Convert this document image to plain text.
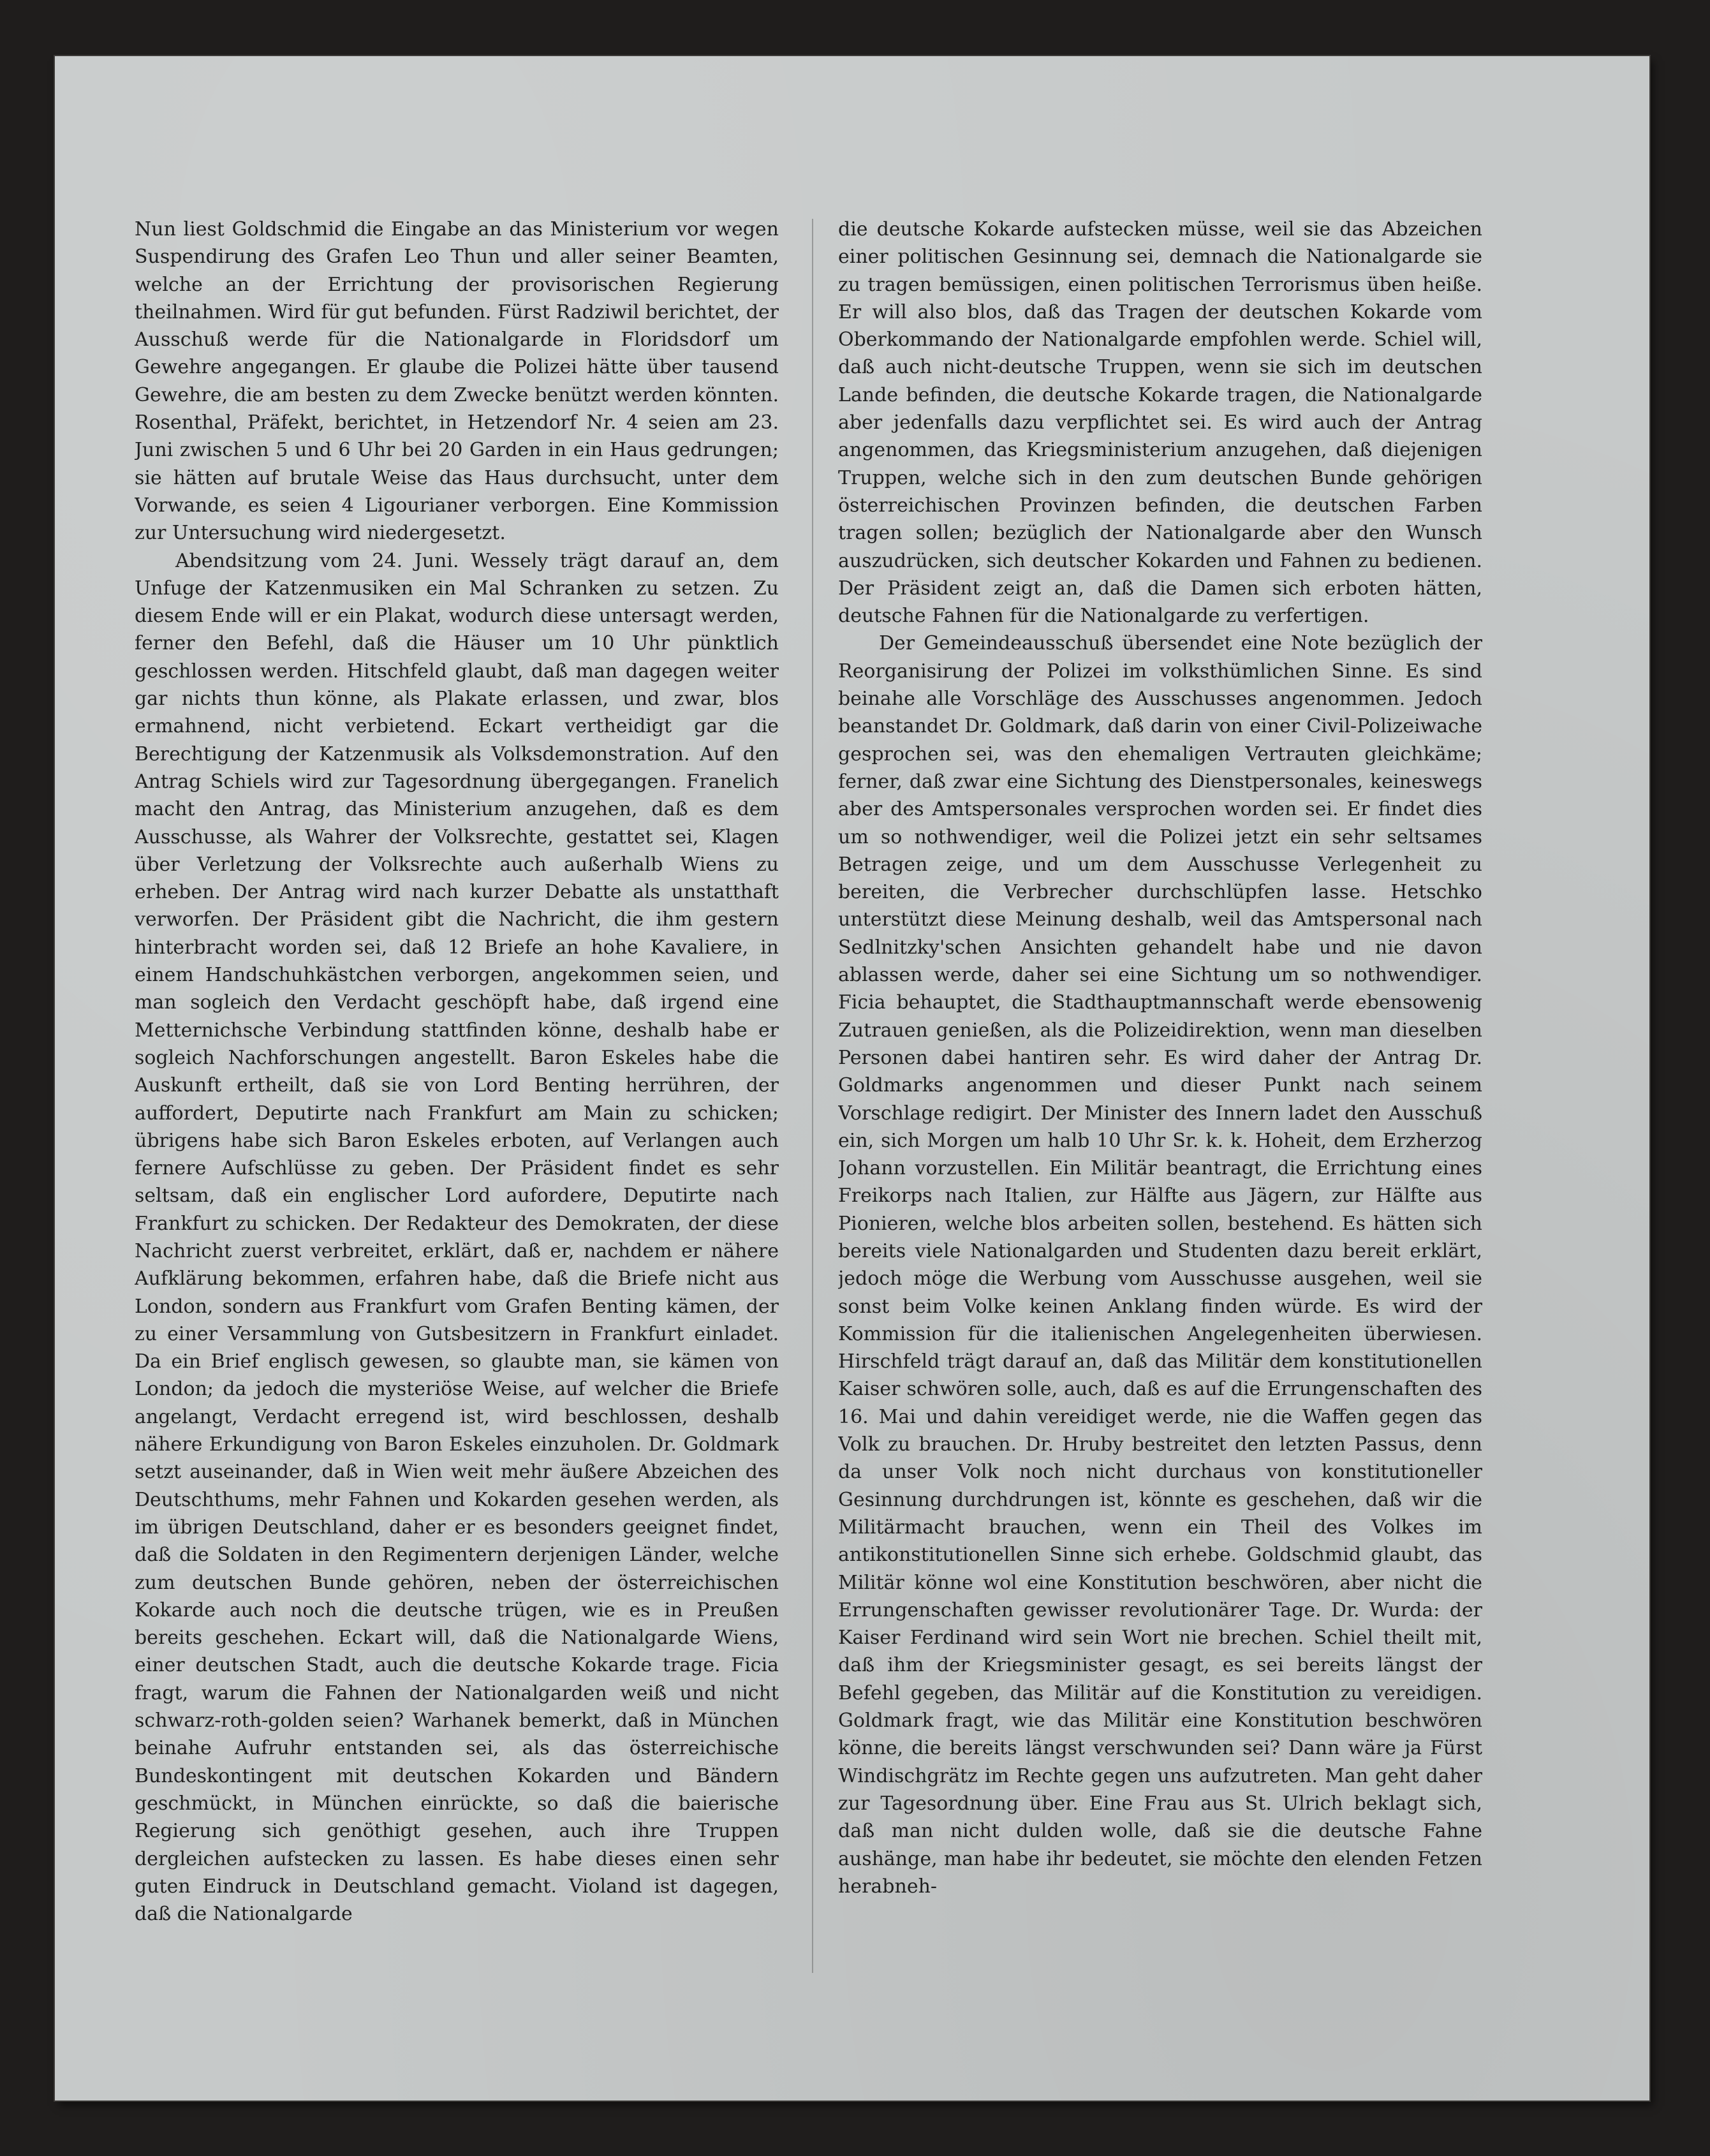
Nun liest Goldschmid die Eingabe an das Ministerium vor wegen Suspendirung des Grafen Leo Thun und aller seiner Beamten, welche an der Errichtung der provisorischen Regierung theilnahmen. Wird für gut befunden. Fürst Radziwil berichtet, der Ausschuß werde für die Nationalgarde in Floridsdorf um Gewehre angegangen. Er glaube die Polizei hätte über tausend Gewehre, die am besten zu dem Zwecke benützt werden könnten. Rosenthal, Präfekt, berichtet, in Hetzendorf Nr. 4 seien am 23. Juni zwischen 5 und 6 Uhr bei 20 Garden in ein Haus gedrungen; sie hätten auf brutale Weise das Haus durchsucht, unter dem Vorwande, es seien 4 Ligourianer verborgen. Eine Kommission zur Untersuchung wird niedergesetzt.

Abendsitzung vom 24. Juni. Wessely trägt darauf an, dem Unfuge der Katzenmusiken ein Mal Schranken zu setzen. Zu diesem Ende will er ein Plakat, wodurch diese untersagt werden, ferner den Befehl, daß die Häuser um 10 Uhr pünktlich geschlossen werden. Hitschfeld glaubt, daß man dagegen weiter gar nichts thun könne, als Plakate erlassen, und zwar, blos ermahnend, nicht verbietend. Eckart vertheidigt gar die Berechtigung der Katzenmusik als Volksdemonstration. Auf den Antrag Schiels wird zur Tagesordnung übergegangen. Franelich macht den Antrag, das Ministerium anzugehen, daß es dem Ausschusse, als Wahrer der Volksrechte, gestattet sei, Klagen über Verletzung der Volksrechte auch außerhalb Wiens zu erheben. Der Antrag wird nach kurzer Debatte als unstatthaft verworfen. Der Präsident gibt die Nachricht, die ihm gestern hinterbracht worden sei, daß 12 Briefe an hohe Kavaliere, in einem Handschuhkästchen verborgen, angekommen seien, und man sogleich den Verdacht geschöpft habe, daß irgend eine Metternichsche Verbindung stattfinden könne, deshalb habe er sogleich Nachforschungen angestellt. Baron Eskeles habe die Auskunft ertheilt, daß sie von Lord Benting herrühren, der auffordert, Deputirte nach Frankfurt am Main zu schicken; übrigens habe sich Baron Eskeles erboten, auf Verlangen auch fernere Aufschlüsse zu geben. Der Präsident findet es sehr seltsam, daß ein englischer Lord aufordere, Deputirte nach Frankfurt zu schicken. Der Redakteur des Demokraten, der diese Nachricht zuerst verbreitet, erklärt, daß er, nachdem er nähere Aufklärung bekommen, erfahren habe, daß die Briefe nicht aus London, sondern aus Frankfurt vom Grafen Benting kämen, der zu einer Versammlung von Gutsbesitzern in Frankfurt einladet. Da ein Brief englisch gewesen, so glaubte man, sie kämen von London; da jedoch die mysteriöse Weise, auf welcher die Briefe angelangt, Verdacht erregend ist, wird beschlossen, deshalb nähere Erkundigung von Baron Eskeles einzuholen. Dr. Goldmark setzt auseinander, daß in Wien weit mehr äußere Abzeichen des Deutschthums, mehr Fahnen und Kokarden gesehen werden, als im übrigen Deutschland, daher er es besonders geeignet findet, daß die Soldaten in den Regimentern derjenigen Länder, welche zum deutschen Bunde gehören, neben der österreichischen Kokarde auch noch die deutsche trügen, wie es in Preußen bereits geschehen. Eckart will, daß die Nationalgarde Wiens, einer deutschen Stadt, auch die deutsche Kokarde trage. Ficia fragt, warum die Fahnen der Nationalgarden weiß und nicht schwarz-roth-golden seien? Warhanek bemerkt, daß in München beinahe Aufruhr entstanden sei, als das österreichische Bundeskontingent mit deutschen Kokarden und Bändern geschmückt, in München einrückte, so daß die baierische Regierung sich genöthigt gesehen, auch ihre Truppen dergleichen aufstecken zu lassen. Es habe dieses einen sehr guten Eindruck in Deutschland gemacht. Violand ist dagegen, daß die Nationalgarde

die deutsche Kokarde aufstecken müsse, weil sie das Abzeichen einer politischen Gesinnung sei, demnach die Nationalgarde sie zu tragen bemüssigen, einen politischen Terrorismus üben heiße. Er will also blos, daß das Tragen der deutschen Kokarde vom Oberkommando der Nationalgarde empfohlen werde. Schiel will, daß auch nicht-deutsche Truppen, wenn sie sich im deutschen Lande befinden, die deutsche Kokarde tragen, die Nationalgarde aber jedenfalls dazu verpflichtet sei. Es wird auch der Antrag angenommen, das Kriegsministerium anzugehen, daß diejenigen Truppen, welche sich in den zum deutschen Bunde gehörigen österreichischen Provinzen befinden, die deutschen Farben tragen sollen; bezüglich der Nationalgarde aber den Wunsch auszudrücken, sich deutscher Kokarden und Fahnen zu bedienen. Der Präsident zeigt an, daß die Damen sich erboten hätten, deutsche Fahnen für die Nationalgarde zu verfertigen.

Der Gemeindeausschuß übersendet eine Note bezüglich der Reorganisirung der Polizei im volksthümlichen Sinne. Es sind beinahe alle Vorschläge des Ausschusses angenommen. Jedoch beanstandet Dr. Goldmark, daß darin von einer Civil-Polizeiwache gesprochen sei, was den ehemaligen Vertrauten gleichkäme; ferner, daß zwar eine Sichtung des Dienstpersonales, keineswegs aber des Amtspersonales versprochen worden sei. Er findet dies um so nothwendiger, weil die Polizei jetzt ein sehr seltsames Betragen zeige, und um dem Ausschusse Verlegenheit zu bereiten, die Verbrecher durchschlüpfen lasse. Hetschko unterstützt diese Meinung deshalb, weil das Amtspersonal nach Sedlnitzky'schen Ansichten gehandelt habe und nie davon ablassen werde, daher sei eine Sichtung um so nothwendiger. Ficia behauptet, die Stadthauptmannschaft werde ebensowenig Zutrauen genießen, als die Polizeidirektion, wenn man dieselben Personen dabei hantiren sehr. Es wird daher der Antrag Dr. Goldmarks angenommen und dieser Punkt nach seinem Vorschlage redigirt. Der Minister des Innern ladet den Ausschuß ein, sich Morgen um halb 10 Uhr Sr. k. k. Hoheit, dem Erzherzog Johann vorzustellen. Ein Militär beantragt, die Errichtung eines Freikorps nach Italien, zur Hälfte aus Jägern, zur Hälfte aus Pionieren, welche blos arbeiten sollen, bestehend. Es hätten sich bereits viele Nationalgarden und Studenten dazu bereit erklärt, jedoch möge die Werbung vom Ausschusse ausgehen, weil sie sonst beim Volke keinen Anklang finden würde. Es wird der Kommission für die italienischen Angelegenheiten überwiesen. Hirschfeld trägt darauf an, daß das Militär dem konstitutionellen Kaiser schwören solle, auch, daß es auf die Errungenschaften des 16. Mai und dahin vereidiget werde, nie die Waffen gegen das Volk zu brauchen. Dr. Hruby bestreitet den letzten Passus, denn da unser Volk noch nicht durchaus von konstitutioneller Gesinnung durchdrungen ist, könnte es geschehen, daß wir die Militärmacht brauchen, wenn ein Theil des Volkes im antikonstitutionellen Sinne sich erhebe. Goldschmid glaubt, das Militär könne wol eine Konstitution beschwören, aber nicht die Errungenschaften gewisser revolutionärer Tage. Dr. Wurda: der Kaiser Ferdinand wird sein Wort nie brechen. Schiel theilt mit, daß ihm der Kriegsminister gesagt, es sei bereits längst der Befehl gegeben, das Militär auf die Konstitution zu vereidigen. Goldmark fragt, wie das Militär eine Konstitution beschwören könne, die bereits längst verschwunden sei? Dann wäre ja Fürst Windischgrätz im Rechte gegen uns aufzutreten. Man geht daher zur Tagesordnung über. Eine Frau aus St. Ulrich beklagt sich, daß man nicht dulden wolle, daß sie die deutsche Fahne aushänge, man habe ihr bedeutet, sie möchte den elenden Fetzen herabneh-
